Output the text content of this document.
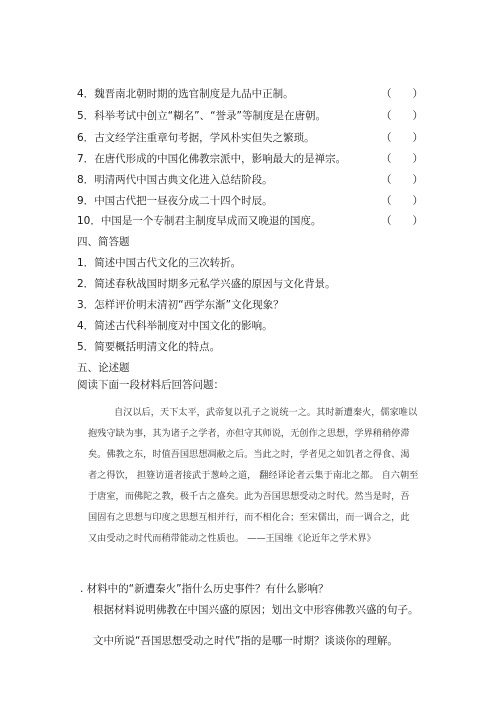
4．魏晋南北朝时期的选官制度是九品中正制。	（　　）
5．科举考试中创立“糊名”、“誉录”等制度是在唐朝。	（　　）
6．古文经学注重章句考据，学风朴实但失之繁琐。	（　　）
7．在唐代形成的中国化佛教宗派中，影响最大的是禅宗。	（　　）
8．明清两代中国古典文化进入总结阶段。	（　　）
9．中国古代把一昼夜分成二十四个时辰。	（　　）
10．中国是一个专制君主制度早成而又晚退的国度。	（　　）
四、简答题
1．简述中国古代文化的三次转折。
2．简述春秋战国时期多元私学兴盛的原因与文化背景。
3．怎样评价明末清初“西学东渐”文化现象？
4．简述古代科举制度对中国文化的影响。
5．简要概括明清文化的特点。
五、论述题
阅读下面一段材料后回答问题：
自汉以后，天下太平，武帝复以孔子之说统一之。其时新遭秦火，儒家唯以
抱残守缺为事，其为诸子之学者，亦但守其师说，无创作之思想，学界稍稍停滞
矣。佛教之东，时值吾国思想凋敝之后。当此之时，学者见之如饥者之得食、渴
者之得饮， 担簦访道者接武于葱岭之道， 翻经译论者云集于南北之都。 自六朝至
于唐室，而佛陀之教，极千古之盛矣。此为吾国思想受动之时代。然当是时，吾
国固有之思想与印度之思想互相并行，而不相化合；至宋儒出，而一调合之，此
又由受动之时代而稍带能动之性质也。 ——王国维《论近年之学术界》
. 材料中的“新遭秦火”指什么历史事件？有什么影响？
根据材料说明佛教在中国兴盛的原因；划出文中形容佛教兴盛的句子。
文中所说“吾国思想受动之时代”指的是哪一时期？谈谈你的理解。
